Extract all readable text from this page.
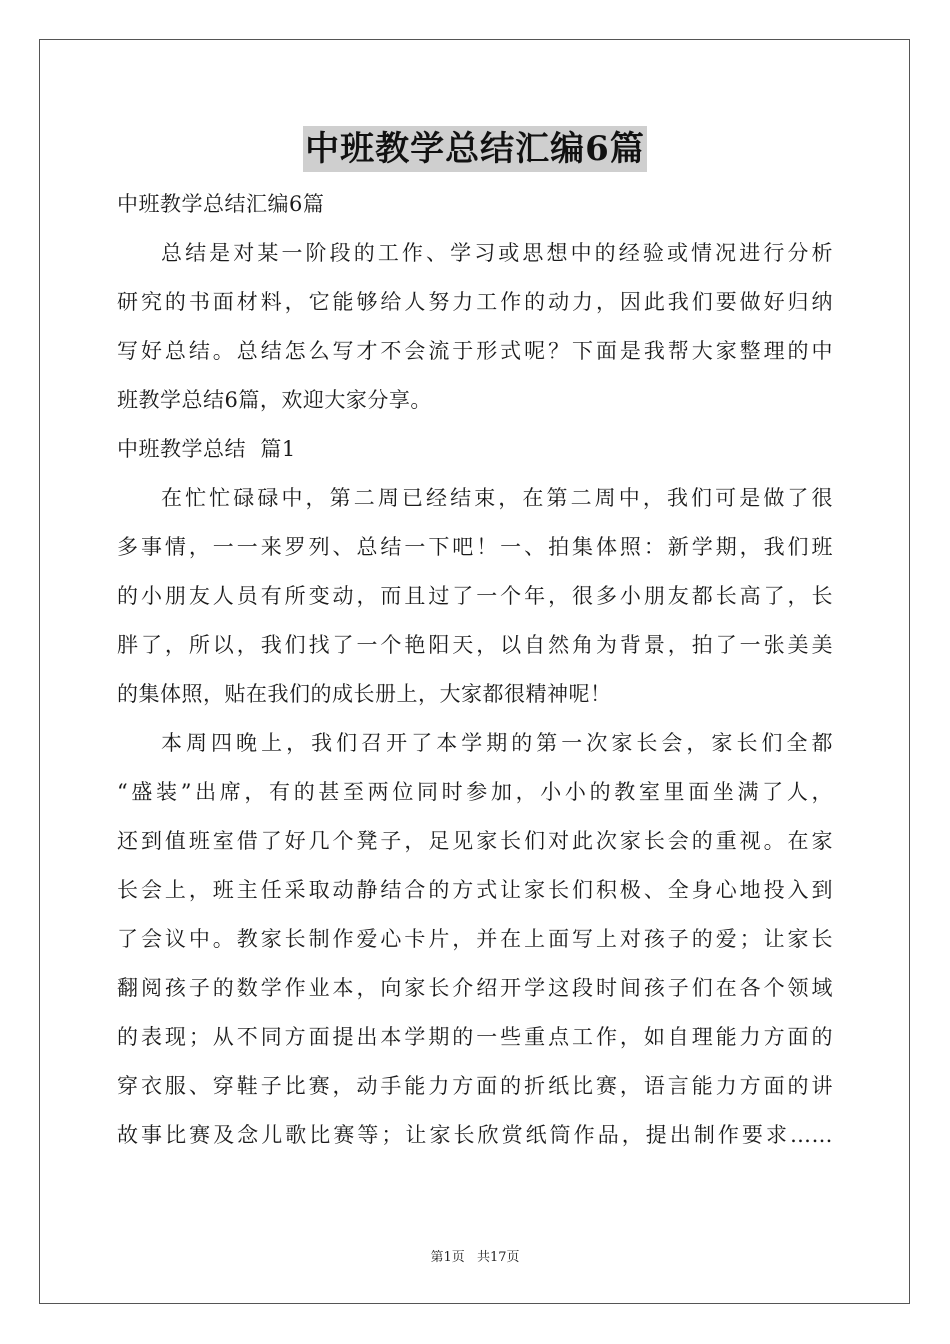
中班教学总结汇编6篇
中班教学总结汇编6篇
总结是对某一阶段的工作、学习或思想中的经验或情况进行分析
研究的书面材料，它能够给人努力工作的动力，因此我们要做好归纳
写好总结。总结怎么写才不会流于形式呢？下面是我帮大家整理的中
班教学总结6篇，欢迎大家分享。
中班教学总结  篇1
在忙忙碌碌中，第二周已经结束，在第二周中，我们可是做了很
多事情，一一来罗列、总结一下吧！一、拍集体照：新学期，我们班
的小朋友人员有所变动，而且过了一个年，很多小朋友都长高了，长
胖了，所以，我们找了一个艳阳天，以自然角为背景，拍了一张美美
的集体照，贴在我们的成长册上，大家都很精神呢！
本周四晚上，我们召开了本学期的第一次家长会，家长们全都
“盛装”出席，有的甚至两位同时参加，小小的教室里面坐满了人，
还到值班室借了好几个凳子，足见家长们对此次家长会的重视。在家
长会上，班主任采取动静结合的方式让家长们积极、全身心地投入到
了会议中。教家长制作爱心卡片，并在上面写上对孩子的爱；让家长
翻阅孩子的数学作业本，向家长介绍开学这段时间孩子们在各个领域
的表现；从不同方面提出本学期的一些重点工作，如自理能力方面的
穿衣服、穿鞋子比赛，动手能力方面的折纸比赛，语言能力方面的讲
故事比赛及念儿歌比赛等；让家长欣赏纸筒作品，提出制作要求……
第1页 共17页
